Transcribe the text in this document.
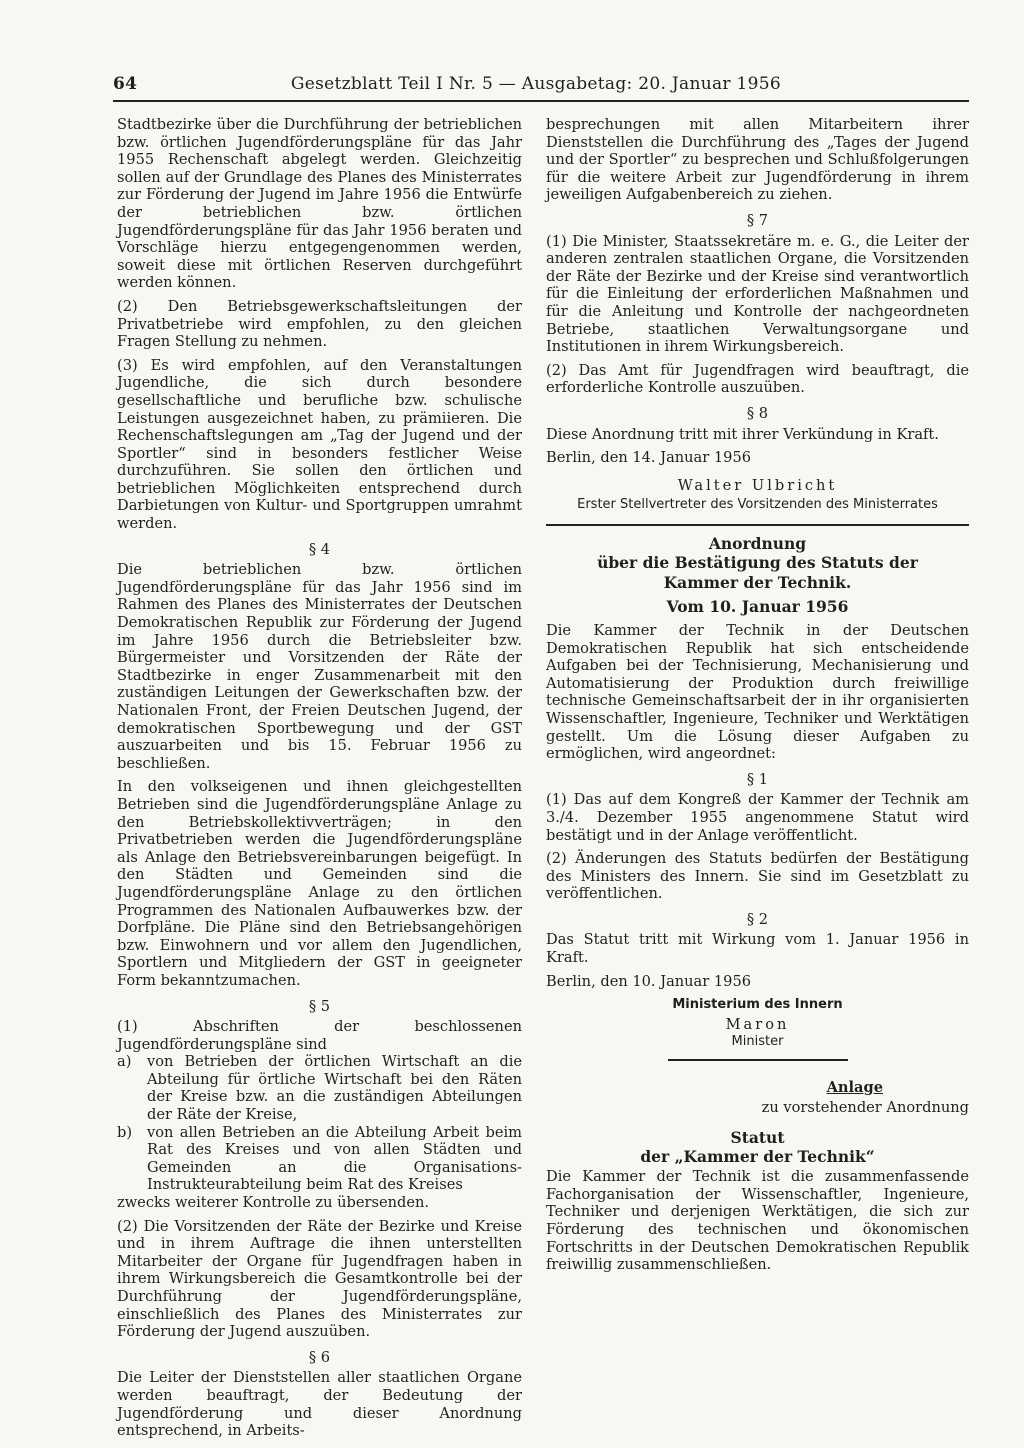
64	Gesetzblatt Teil I Nr. 5 — Ausgabetag: 20. Januar 1956

Stadtbezirke über die Durchführung der betrieblichen bzw. örtlichen Jugendförderungspläne für das Jahr 1955 Rechenschaft abgelegt werden. Gleichzeitig sollen auf der Grundlage des Planes des Ministerrates zur Förderung der Jugend im Jahre 1956 die Entwürfe der betrieblichen bzw. örtlichen Jugendförderungspläne für das Jahr 1956 beraten und Vorschläge hierzu entgegengenommen werden, soweit diese mit örtlichen Reserven durchgeführt werden können.

(2) Den Betriebsgewerkschaftsleitungen der Privatbetriebe wird empfohlen, zu den gleichen Fragen Stellung zu nehmen.

(3) Es wird empfohlen, auf den Veranstaltungen Jugendliche, die sich durch besondere gesellschaftliche und berufliche bzw. schulische Leistungen ausgezeichnet haben, zu prämiieren. Die Rechenschaftslegungen am „Tag der Jugend und der Sportler“ sind in besonders festlicher Weise durchzuführen. Sie sollen den örtlichen und betrieblichen Möglichkeiten entsprechend durch Darbietungen von Kultur- und Sportgruppen umrahmt werden.

§ 4

Die betrieblichen bzw. örtlichen Jugendförderungspläne für das Jahr 1956 sind im Rahmen des Planes des Ministerrates der Deutschen Demokratischen Republik zur Förderung der Jugend im Jahre 1956 durch die Betriebsleiter bzw. Bürgermeister und Vorsitzenden der Räte der Stadtbezirke in enger Zusammenarbeit mit den zuständigen Leitungen der Gewerkschaften bzw. der Nationalen Front, der Freien Deutschen Jugend, der demokratischen Sportbewegung und der GST auszuarbeiten und bis 15. Februar 1956 zu beschließen.

In den volkseigenen und ihnen gleichgestellten Betrieben sind die Jugendförderungspläne Anlage zu den Betriebskollektivverträgen; in den Privatbetrieben werden die Jugendförderungspläne als Anlage den Betriebsvereinbarungen beigefügt. In den Städten und Gemeinden sind die Jugendförderungspläne Anlage zu den örtlichen Programmen des Nationalen Aufbauwerkes bzw. der Dorfpläne. Die Pläne sind den Betriebsangehörigen bzw. Einwohnern und vor allem den Jugendlichen, Sportlern und Mitgliedern der GST in geeigneter Form bekanntzumachen.

§ 5

(1) Abschriften der beschlossenen Jugendförderungspläne sind

a)	von Betrieben der örtlichen Wirtschaft an die Abteilung für örtliche Wirtschaft bei den Räten der Kreise bzw. an die zuständigen Abteilungen der Räte der Kreise,
b)	von allen Betrieben an die Abteilung Arbeit beim Rat des Kreises und von allen Städten und Gemeinden an die Organisations-Instrukteurabteilung beim Rat des Kreises

zwecks weiterer Kontrolle zu übersenden.

(2) Die Vorsitzenden der Räte der Bezirke und Kreise und in ihrem Auftrage die ihnen unterstellten Mitarbeiter der Organe für Jugendfragen haben in ihrem Wirkungsbereich die Gesamtkontrolle bei der Durchführung der Jugendförderungspläne, einschließlich des Planes des Ministerrates zur Förderung der Jugend auszuüben.

§ 6

Die Leiter der Dienststellen aller staatlichen Organe werden beauftragt, der Bedeutung der Jugendförderung und dieser Anordnung entsprechend, in Arbeits-

besprechungen mit allen Mitarbeitern ihrer Dienststellen die Durchführung des „Tages der Jugend und der Sportler“ zu besprechen und Schlußfolgerungen für die weitere Arbeit zur Jugendförderung in ihrem jeweiligen Aufgabenbereich zu ziehen.

§ 7

(1) Die Minister, Staatssekretäre m. e. G., die Leiter der anderen zentralen staatlichen Organe, die Vorsitzenden der Räte der Bezirke und der Kreise sind verantwortlich für die Einleitung der erforderlichen Maßnahmen und für die Anleitung und Kontrolle der nachgeordneten Betriebe, staatlichen Verwaltungsorgane und Institutionen in ihrem Wirkungsbereich.

(2) Das Amt für Jugendfragen wird beauftragt, die erforderliche Kontrolle auszuüben.

§ 8

Diese Anordnung tritt mit ihrer Verkündung in Kraft.

Berlin, den 14. Januar 1956

Walter Ulbricht
Erster Stellvertreter des Vorsitzenden des Ministerrates
Anordnung
über die Bestätigung des Statuts der
Kammer der Technik.
Vom 10. Januar 1956

Die Kammer der Technik in der Deutschen Demokratischen Republik hat sich entscheidende Aufgaben bei der Technisierung, Mechanisierung und Automatisierung der Produktion durch freiwillige technische Gemeinschaftsarbeit der in ihr organisierten Wissenschaftler, Ingenieure, Techniker und Werktätigen gestellt. Um die Lösung dieser Aufgaben zu ermöglichen, wird angeordnet:

§ 1

(1) Das auf dem Kongreß der Kammer der Technik am 3./4. Dezember 1955 angenommene Statut wird bestätigt und in der Anlage veröffentlicht.

(2) Änderungen des Statuts bedürfen der Bestätigung des Ministers des Innern. Sie sind im Gesetzblatt zu veröffentlichen.

§ 2

Das Statut tritt mit Wirkung vom 1. Januar 1956 in Kraft.

Berlin, den 10. Januar 1956

Ministerium des Innern
Maron
Minister
Anlage
zu vorstehender Anordnung
Statut
der „Kammer der Technik“

Die Kammer der Technik ist die zusammenfassende Fachorganisation der Wissenschaftler, Ingenieure, Techniker und derjenigen Werktätigen, die sich zur Förderung des technischen und ökonomischen Fortschritts in der Deutschen Demokratischen Republik freiwillig zusammenschließen.
